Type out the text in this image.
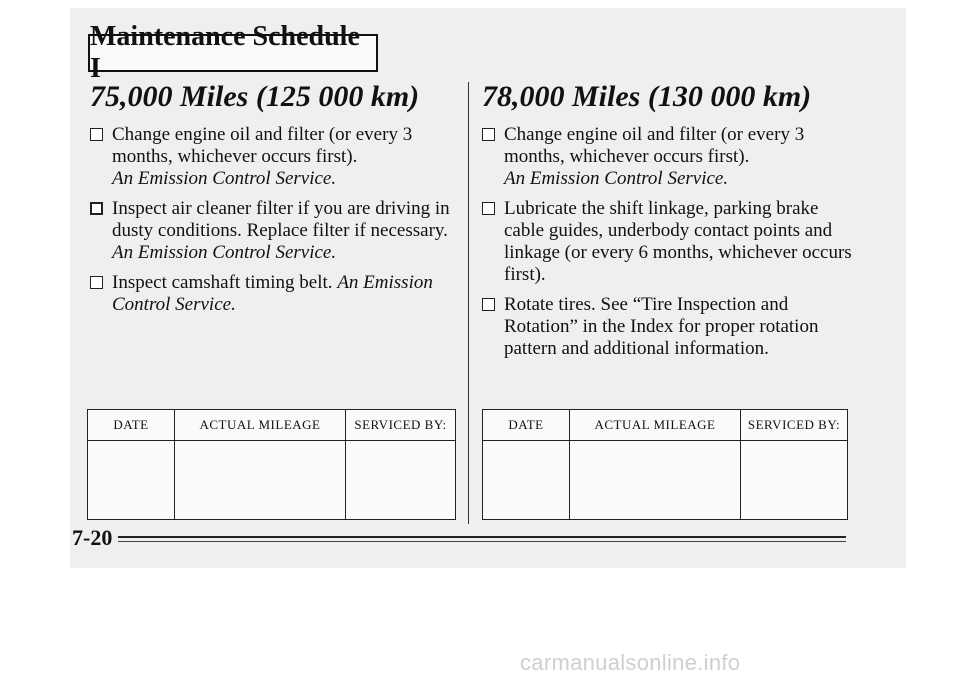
Maintenance Schedule I
75,000 Miles (125 000 km)
Change engine oil and filter (or every 3 months, whichever occurs first).
An Emission Control Service.
Inspect air cleaner filter if you are driving in dusty conditions. Replace filter if necessary. An Emission Control Service.
Inspect camshaft timing belt. An Emission Control Service.
78,000 Miles (130 000 km)
Change engine oil and filter (or every 3 months, whichever occurs first).
An Emission Control Service.
Lubricate the shift linkage, parking brake cable guides, underbody contact points and linkage (or every 6 months, whichever occurs first).
Rotate tires. See “Tire Inspection and Rotation” in the Index for proper rotation pattern and additional information.
DATE	ACTUAL MILEAGE	SERVICED BY:
			DATE	ACTUAL MILEAGE	SERVICED BY:

7-20
carmanualsonline.info
